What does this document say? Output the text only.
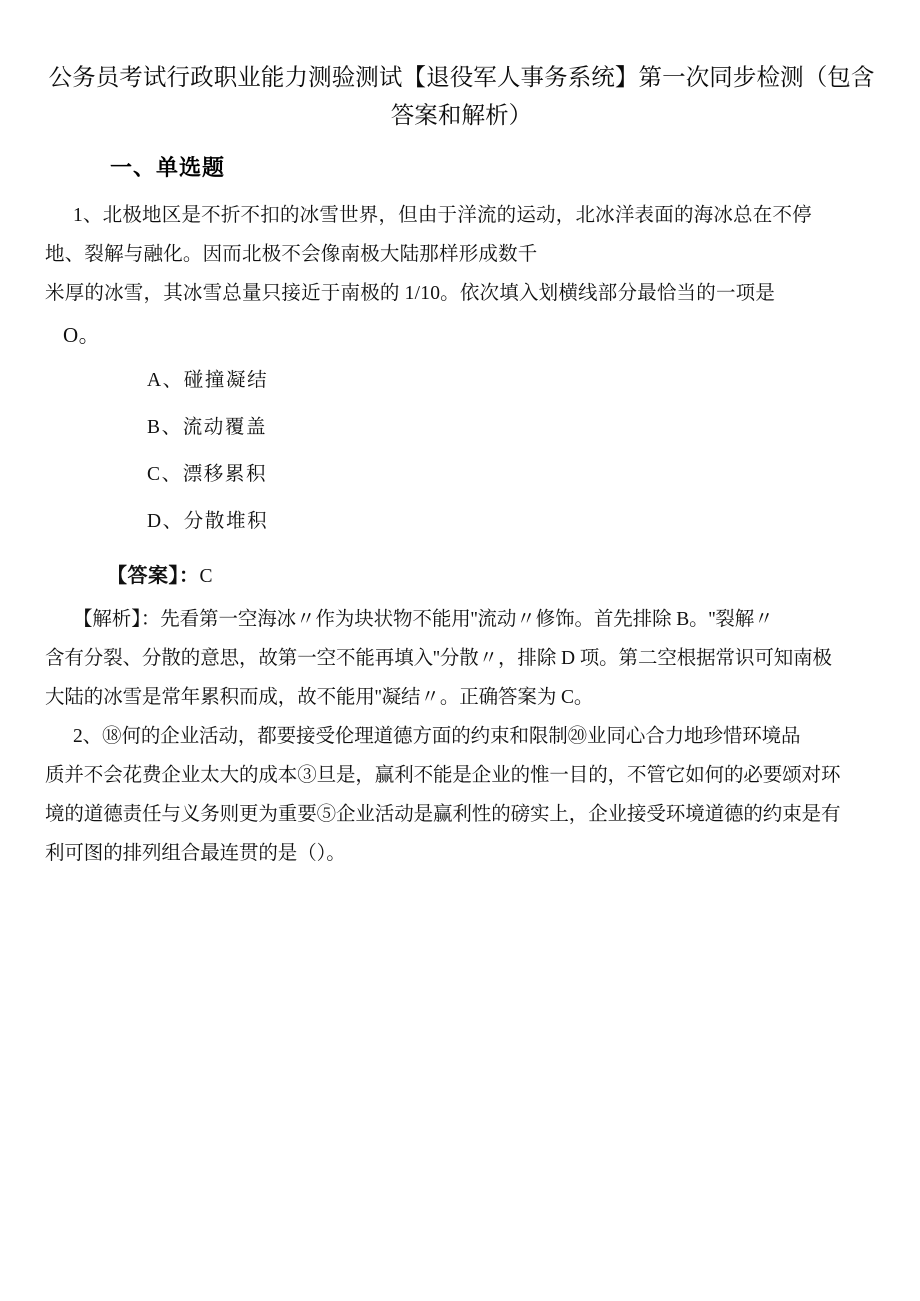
公务员考试行政职业能力测验测试【退役军人事务系统】第一次同步检测（包含
答案和解析）
一、单选题
1、北极地区是不折不扣的冰雪世界，但由于洋流的运动，北冰洋表面的海冰总在不停
地、裂解与融化。因而北极不会像南极大陆那样形成数千
米厚的冰雪，其冰雪总量只接近于南极的 1/10。依次填入划横线部分最恰当的一项是
O。
A、碰撞凝结
B、流动覆盖
C、漂移累积
D、分散堆积
【答案】：C
【解析】：先看第一空海冰〃作为块状物不能用''流动〃修饰。首先排除 B。''裂解〃
含有分裂、分散的意思，故第一空不能再填入''分散〃，排除 D 项。第二空根据常识可知南极
大陆的冰雪是常年累积而成，故不能用''凝结〃。正确答案为 C。
2、⑱何的企业活动，都要接受伦理道德方面的约束和限制⑳业同心合力地珍惜环境品
质并不会花费企业太大的成本③旦是，赢利不能是企业的惟一目的，不管它如何的必要颂对环
境的道德责任与义务则更为重要⑤企业活动是赢利性的磅实上，企业接受环境道德的约束是有
利可图的排列组合最连贯的是（）。
